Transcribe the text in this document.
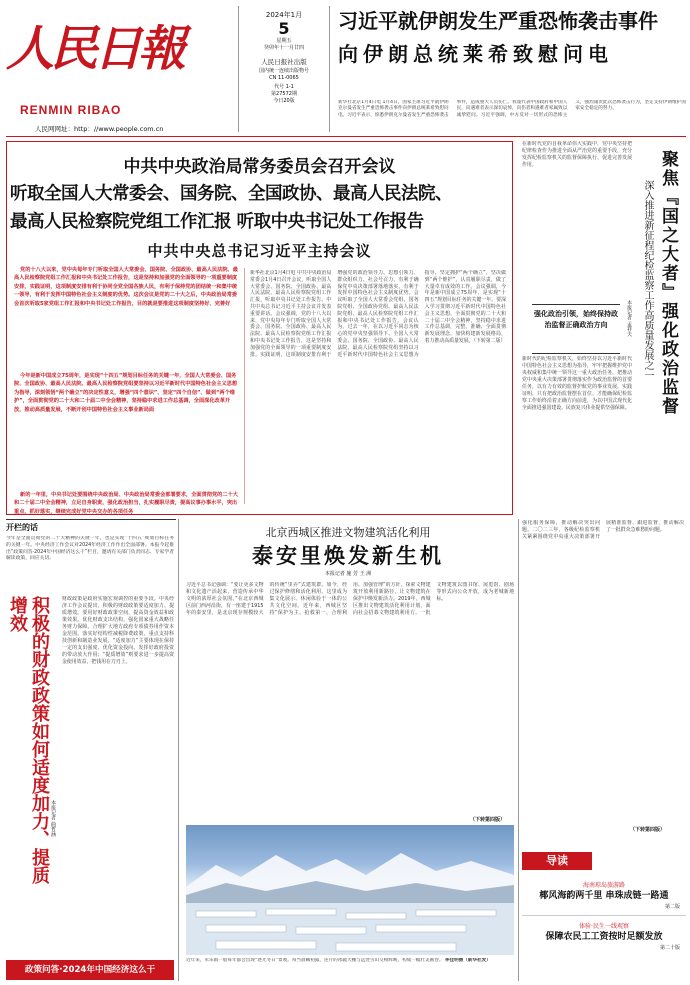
人民日報
RENMIN RIBAO
人民网网址：http：//www.people.com.cn
2024年1月
5
星期五
癸卯年十一月廿四
人民日报社出版
国内统一连续出版物号
CN 11-0065
代号 1-1
第27572期
今日20版
习近平就伊朗发生严重恐怖袭击事件
向伊朗总统莱希致慰问电
新华社北京1月4日电 1月4日，国家主席习近平就伊朗克尔曼省发生严重恐怖袭击事件向伊朗总统莱希致慰问电。习近平表示，惊悉伊朗克尔曼省发生严重恐怖袭击事件，造成重大人员伤亡。我谨代表中国政府和中国人民，向遇难者表示深切哀悼，向伤者和遇难者家属致以诚挚慰问。习近平强调，中方反对一切形式的恐怖主义，强烈谴责此次恐怖袭击行为，坚定支持伊朗维护国家安全稳定的努力。
中共中央政治局常务委员会召开会议
听取全国人大常委会、国务院、全国政协、最高人民法院、
最高人民检察院党组工作汇报 听取中央书记处工作报告
中共中央总书记习近平主持会议
党的十八大以来，党中央每年专门听取全国人大常委会、国务院、全国政协、最高人民法院、最高人民检察院党组工作汇报和中央书记处工作报告，这是坚持和加强党的全面领导的一项重要制度安排，实践证明，这项制度安排有利于协同全党全国各族人民，有利于保持党的团结统一和集中统一领导，有利于发挥中国特色社会主义制度的优势。这次会议是党的二十大之后，中央政治局常委会首次听取5家党组工作汇报和中央书记处工作报告，目的就是要推进这项制度坚持好、完善好
今年是新中国成立75周年，是实现“十四五”规划目标任务的关键一年，全国人大常委会、国务院、全国政协、最高人民法院、最高人民检察院党组要坚持以习近平新时代中国特色社会主义思想为指导，深刻领悟“两个确立”的决定性意义，增强“四个意识”、坚定“四个自信”、做到“两个维护”，全面贯彻党的二十大和二十届二中全会精神，坚持稳中求进工作总基调，全面深化改革开放，推动高质量发展，不断开创中国特色社会主义事业新局面
新的一年里，中央书记处要围绕中央政治局、中央政治局常委会部署要求，全面贯彻党的二十大和二十届二中全会精神，立足自身职责，强化政治担当，扎实履职尽责，提高议事办事水平，突出重点，抓好落实，继续完成好党中央交办的各项任务
新华社北京1月4日电 中共中央政治局常委会1月4日召开会议，听取全国人大常委会、国务院、全国政协、最高人民法院、最高人民检察院党组工作汇报，听取中央书记处工作报告。中共中央总书记习近平主持会议并发表重要讲话。会议强调，党的十八大以来，党中央每年专门听取全国人大常委会、国务院、全国政协、最高人民法院、最高人民检察院党组工作汇报和中央书记处工作报告，这是坚持和加强党的全面领导的一项重要制度安排。实践证明，这项制度安排有利于增强党的政治领导力、思想引领力、群众组织力、社会号召力，有利于确保党中央决策部署落地落实，有利于发挥中国特色社会主义制度优势。会议听取了全国人大常委会党组、国务院党组、全国政协党组、最高人民法院党组、最高人民检察院党组工作汇报和中央书记处工作报告。会议认为，过去一年，在以习近平同志为核心的党中央坚强领导下，全国人大常委会、国务院、全国政协、最高人民法院、最高人民检察院党组坚持以习近平新时代中国特色社会主义思想为指导，坚定拥护“两个确立”，坚决做到“两个维护”，认真履职尽责，做了大量卓有成效的工作。会议强调，今年是新中国成立75周年，是实现“十四五”规划目标任务的关键一年。要深入学习贯彻习近平新时代中国特色社会主义思想，全面贯彻党的二十大和二十届二中全会精神，坚持稳中求进工作总基调，完整、准确、全面贯彻新发展理念，加快构建新发展格局，着力推动高质量发展。（下转第二版）
在新时代党的自我革命伟大实践中，党中央坚持把纪律检查作为推进全面从严治党的重要手段，充分发挥纪检监察机关的监督保障执行、促进完善发展作用。	聚焦『国之大者』强化政治监督
深入推进新征程纪检监察工作高质量发展之一
本报记者 孟祥夫
强化政治引领，始终保持政治监督正确政治方向
新时代的纪检监察机关，始终坚持以习近平新时代中国特色社会主义思想为指导，牢牢把握维护党中央权威和集中统一领导这一重大政治任务，把推动党中央重大决策部署贯彻落实作为政治监督的首要任务，以有力有效的监督护航党的事业发展。实践证明，只有把政治监督摆在首位，才能确保纪检监察工作始终沿着正确方向前进，为以中国式现代化全面推进强国建设、民族复兴伟业提供坚强保障。
强化服务保障，推动解决突出问题。二〇二三年，各级纪检监察机关紧紧围绕党中央重大决策部署开展精准监督、跟进监督，推动解决了一批群众急难愁盼问题。
（下转第四版）
开栏的话
今年是全面贯彻党的二十大精神的关键一年，也是实现“十四五”规划目标任务的关键一年。中央经济工作会议对2024年经济工作作出全面部署。本报今起推出“政策问答·2024年中国经济这么干”栏目，邀请有关部门负责同志、专家学者解读政策，回应关切。
积极的财政政策如何适度加力、提质增效
本报记者 曲哲涵
财政政策是政府实施宏观调控的重要手段。中央经济工作会议提出，积极的财政政策要适度加力、提质增效。要用好财政政策空间，提高资金效益和政策效果。优化财政支出结构，强化国家重大战略任务财力保障。合理扩大地方政府专项债券用作资本金范围。落实好结构性减税降费政策，重点支持科技创新和制造业发展。“适度加力”主要体现在保持一定的支出强度、优化资金投向、发挥好政府投资的带动放大作用；“提质增效”则要求进一步提高资金使用效益，把钱用在刀刃上。
政策问答·2024年中国经济这么干
北京西城区推进文物建筑活化利用
泰安里焕发新生机
本报记者 施 芳 王 洲
习近平总书记强调：“要让更多文物和文化遗产活起来，营造传承中华文明的浓厚社会氛围。”在北京西城区前门西河沿街，有一座建于1915年的泰安里，是北京现存规模较大的传统“里弄”式建筑群。如今，经过保护修缮和活化利用，这里成为集文化展示、休闲体验于一体的公共文化空间。近年来，西城区坚持“保护为主、抢救第一、合理利用、加强管理”的方针，探索文物建筑开放利用新路径，让文物建筑在保护中焕发新活力。2019年，西城区推出文物建筑活化利用计划，面向社会招募文物建筑利用方。一批文物建筑以图书馆、展览馆、剧场等形式向公众开放，成为老城新地标。
（下转第四版）
近年来，永乐镇一般每年都会出现“逐光冬日”景观。每当晨曦初露，连片的冰蔬大棚与远处雪山交相辉映，构成一幅壮美画卷。 李佳明摄（新华社发）
导读
海南琼岛旅游路
椰风海韵两千里 串珠成链一路通
第二版
体验·民生一线观察
保障农民工工资按时足额发放
第二十版
